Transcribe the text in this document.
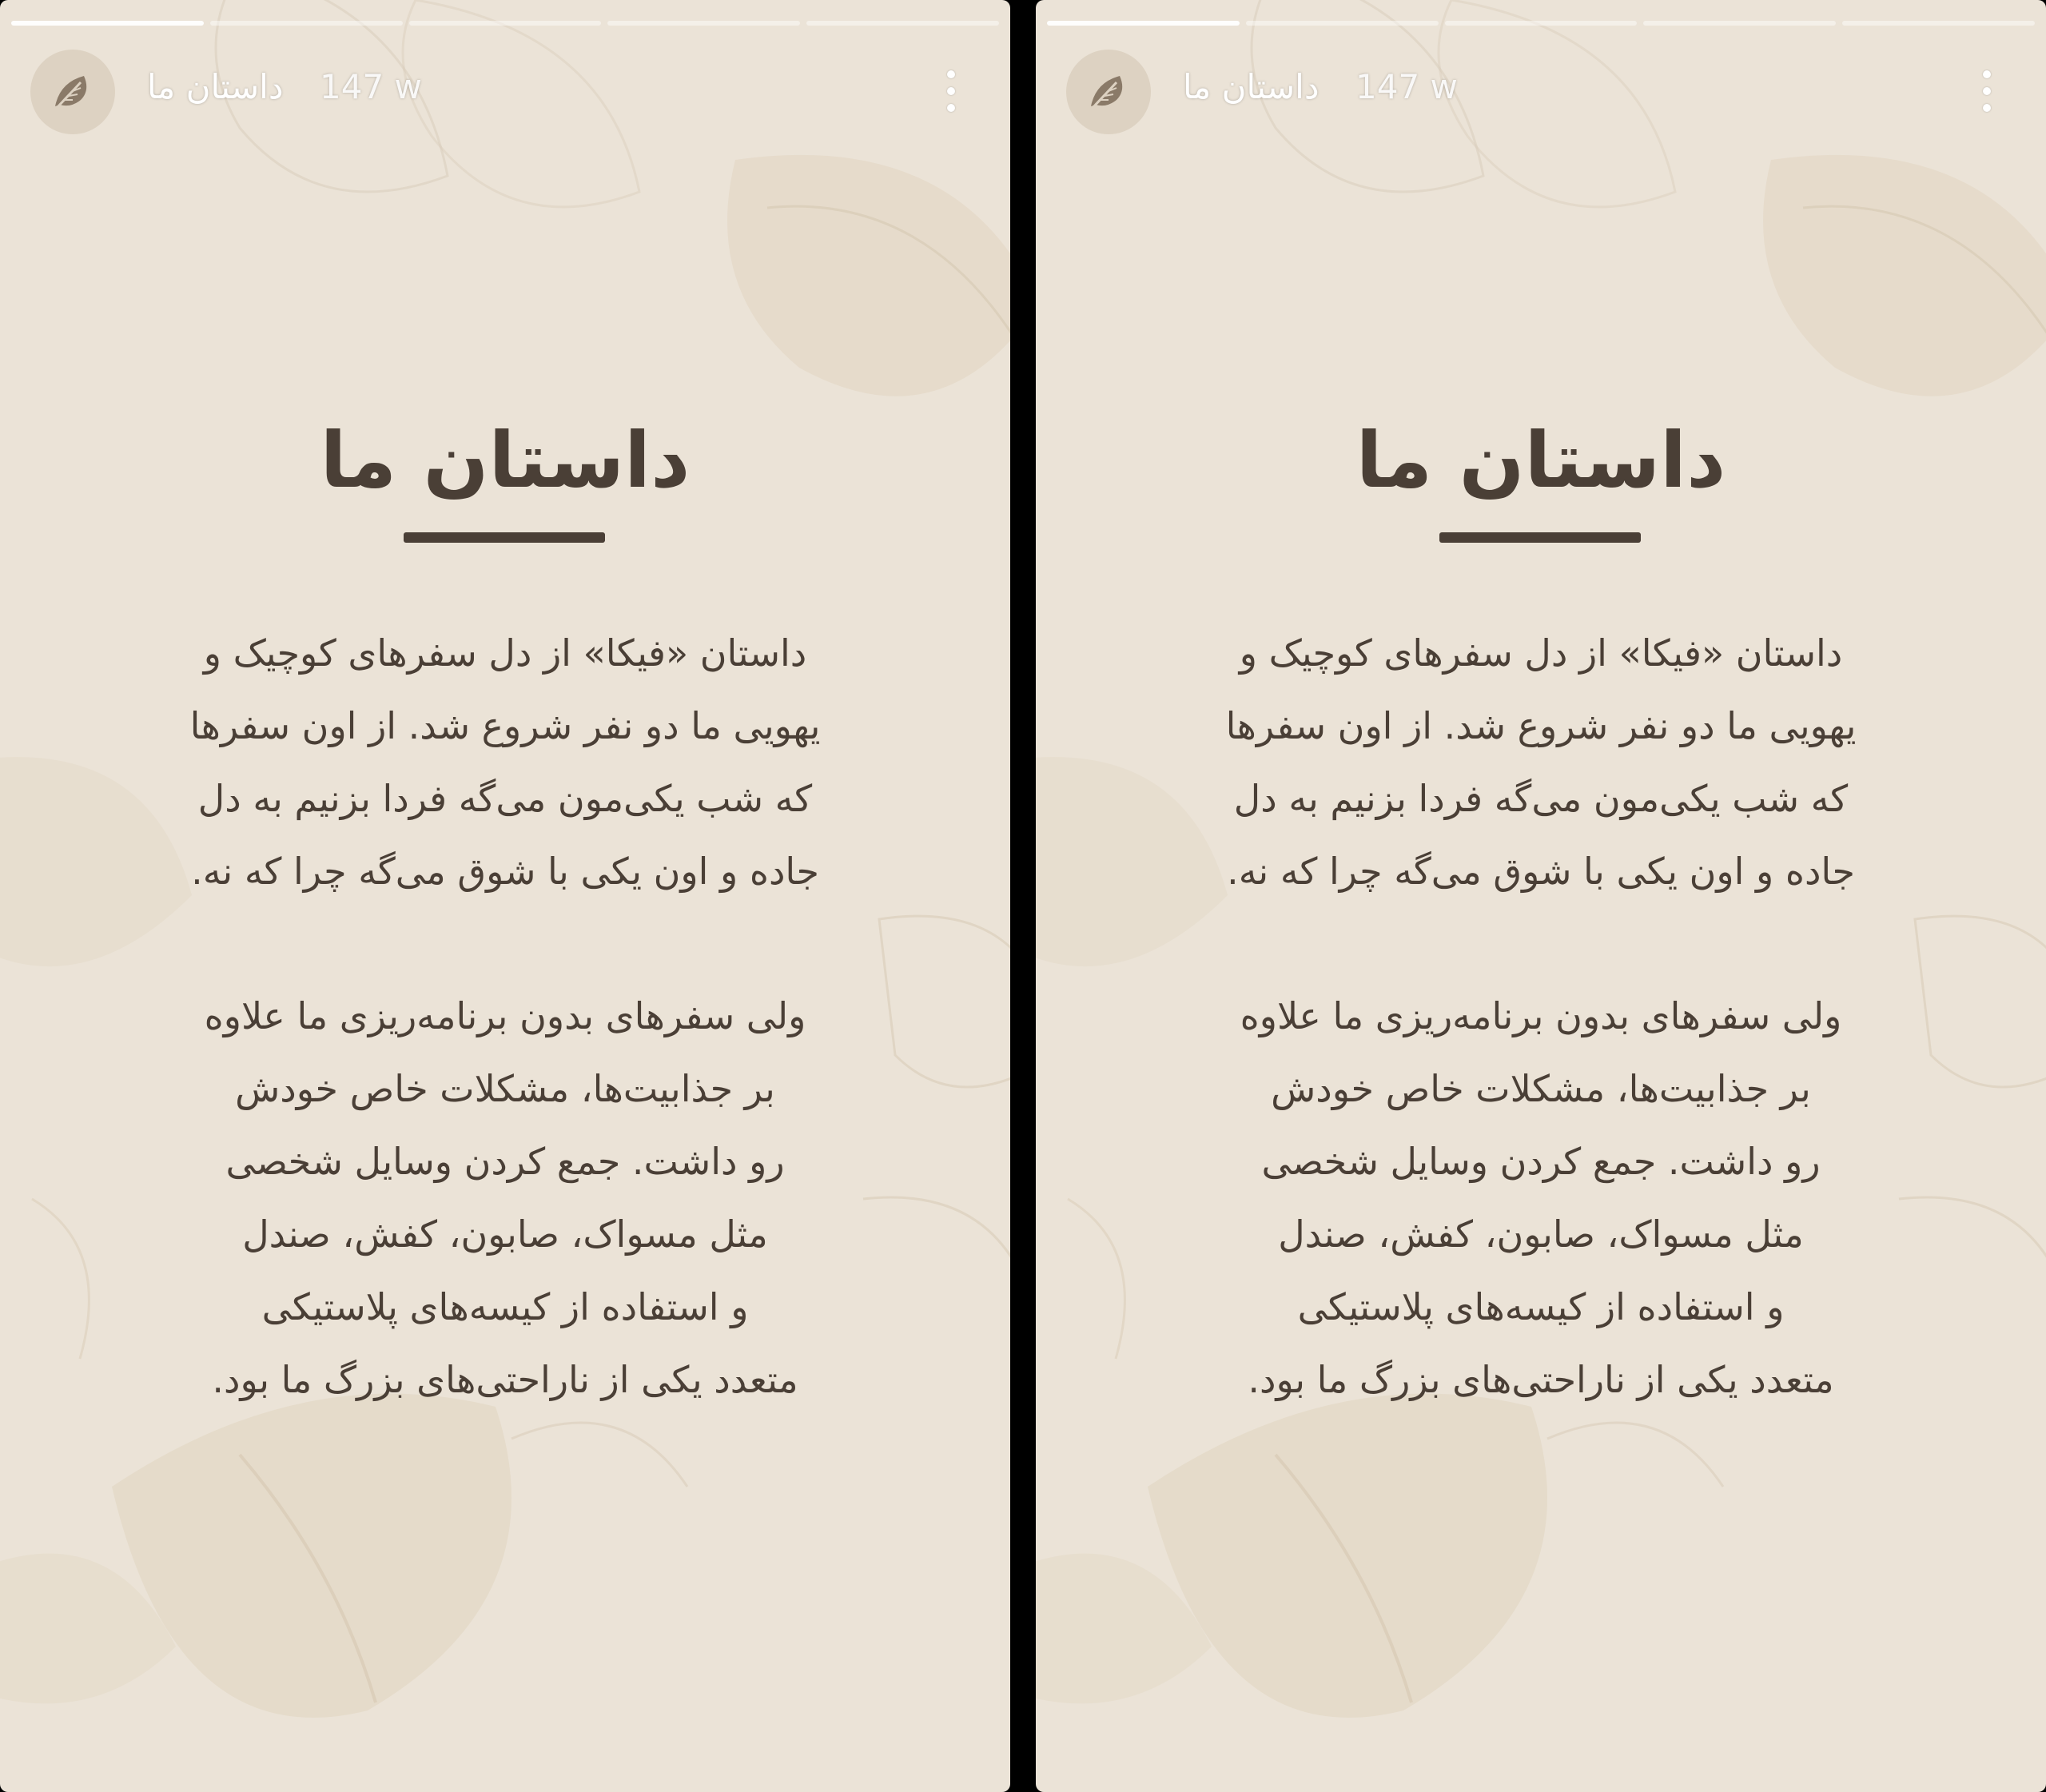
داستان ما 147 w
داستان ما
داستان «فیکا» از دل سفرهای کوچیک و
یهویی ما دو نفر شروع شد. از اون سفرها
که شب یکی‌مون می‌گه فردا بزنیم به دل
جاده و اون یکی با شوق می‌گه چرا که نه.
ولی سفرهای بدون برنامه‌ریزی ما علاوه
بر جذابیت‌ها، مشکلات خاص خودش
رو داشت. جمع کردن وسایل شخصی
مثل مسواک، صابون، کفش، صندل
و استفاده از کیسه‌های پلاستیکی
متعدد یکی از ناراحتی‌های بزرگ ما بود.
داستان ما 147 w
داستان ما
داستان «فیکا» از دل سفرهای کوچیک و
یهویی ما دو نفر شروع شد. از اون سفرها
که شب یکی‌مون می‌گه فردا بزنیم به دل
جاده و اون یکی با شوق می‌گه چرا که نه.
ولی سفرهای بدون برنامه‌ریزی ما علاوه
بر جذابیت‌ها، مشکلات خاص خودش
رو داشت. جمع کردن وسایل شخصی
مثل مسواک، صابون، کفش، صندل
و استفاده از کیسه‌های پلاستیکی
متعدد یکی از ناراحتی‌های بزرگ ما بود.
